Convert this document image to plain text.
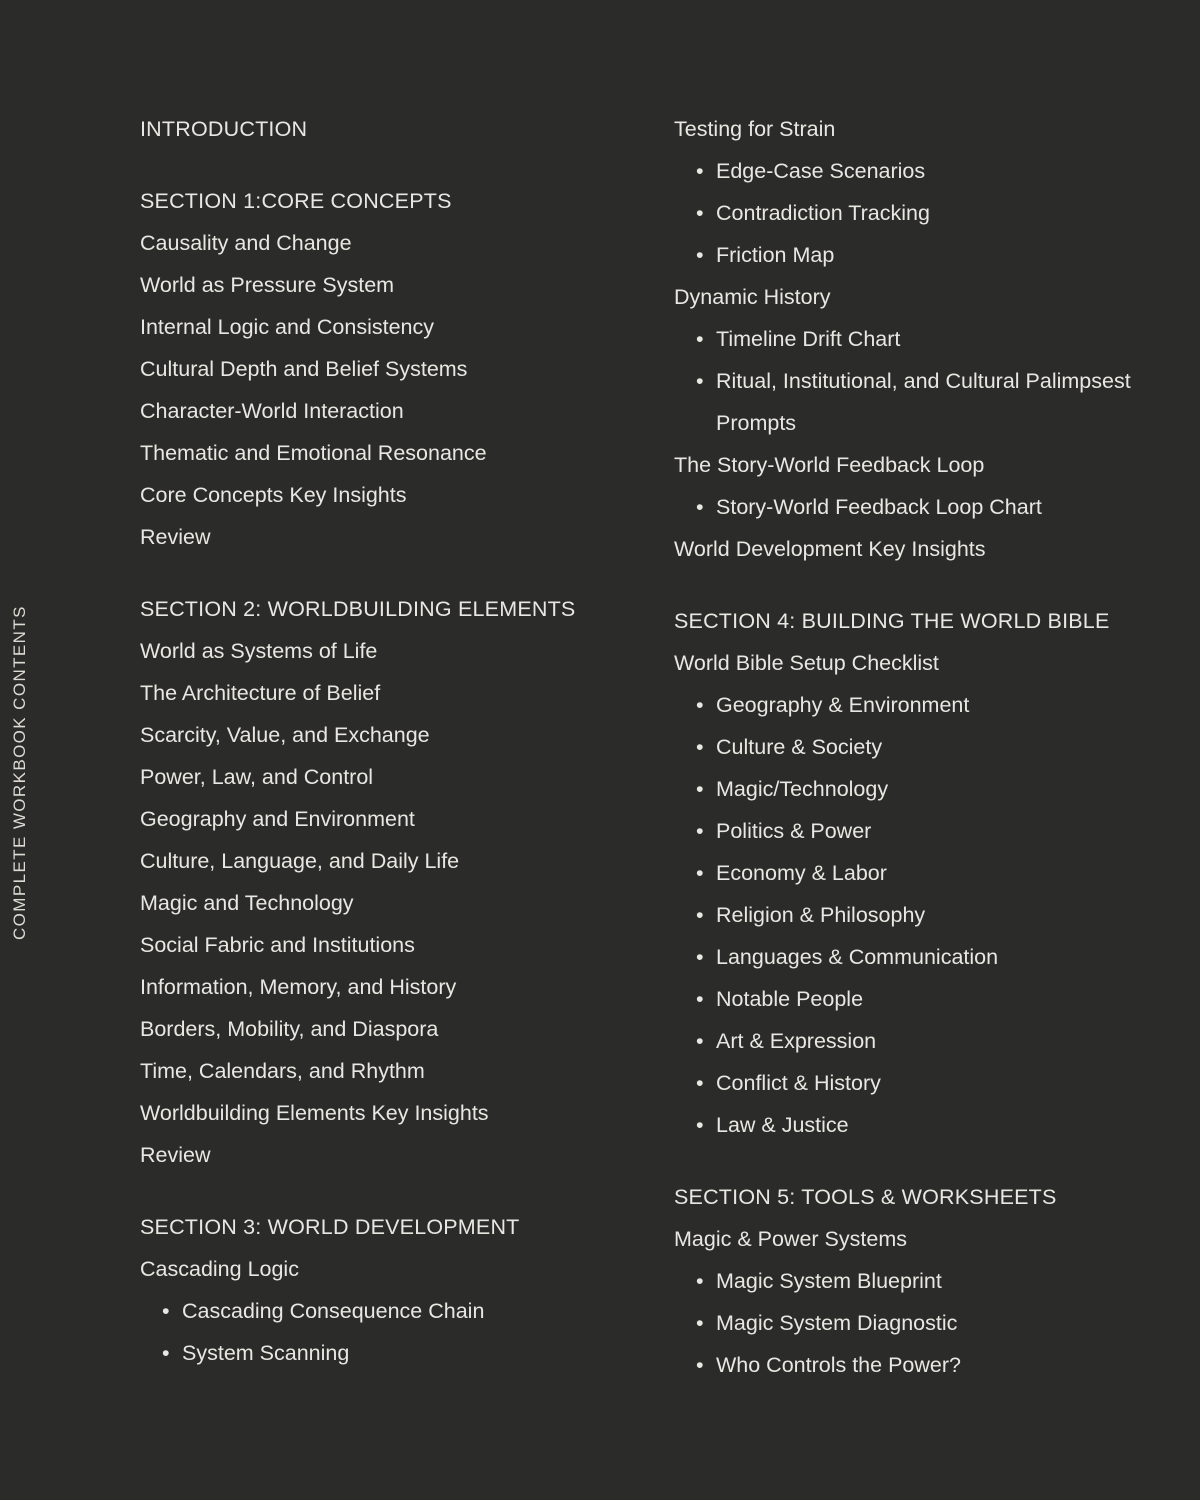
COMPLETE WORKBOOK CONTENTS
INTRODUCTION
SECTION 1:CORE CONCEPTS
Causality and Change
World as Pressure System
Internal Logic and Consistency
Cultural Depth and Belief Systems
Character-World Interaction
Thematic and Emotional Resonance
Core Concepts Key Insights
Review
SECTION 2: WORLDBUILDING ELEMENTS
World as Systems of Life
The Architecture of Belief
Scarcity, Value, and Exchange
Power, Law, and Control
Geography and Environment
Culture, Language, and Daily Life
Magic and Technology
Social Fabric and Institutions
Information, Memory, and History
Borders, Mobility, and Diaspora
Time, Calendars, and Rhythm
Worldbuilding Elements Key Insights
Review
SECTION 3: WORLD DEVELOPMENT
Cascading Logic
• Cascading Consequence Chain
• System Scanning
Testing for Strain
• Edge-Case Scenarios
• Contradiction Tracking
• Friction Map
Dynamic History
• Timeline Drift Chart
• Ritual, Institutional, and Cultural Palimpsest Prompts
The Story-World Feedback Loop
• Story-World Feedback Loop Chart
World Development Key Insights
SECTION 4: BUILDING THE WORLD BIBLE
World Bible Setup Checklist
• Geography & Environment
• Culture & Society
• Magic/Technology
• Politics & Power
• Economy & Labor
• Religion & Philosophy
• Languages & Communication
• Notable People
• Art & Expression
• Conflict & History
• Law & Justice
SECTION 5: TOOLS & WORKSHEETS
Magic & Power Systems
• Magic System Blueprint
• Magic System Diagnostic
• Who Controls the Power?
